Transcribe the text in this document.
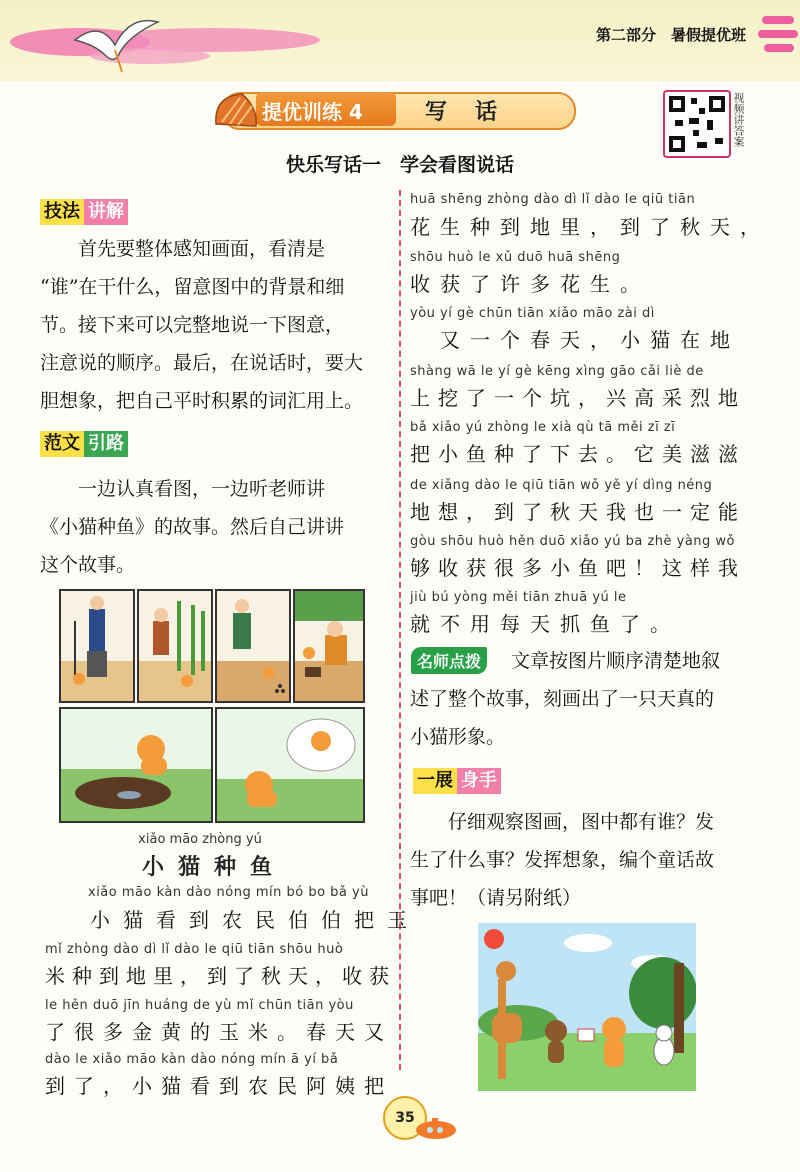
第二部分　暑假提优班
提优训练 4	写话	视频讲答案
快乐写话一　学会看图说话
技法 讲解
　　首先要整体感知画面，看清是
“谁”在干什么，留意图中的背景和细
节。接下来可以完整地说一下图意，
注意说的顺序。最后，在说话时，要大
胆想象，把自己平时积累的词汇用上。
范文 引路
　　一边认真看图，一边听老师讲
《小猫种鱼》的故事。然后自己讲讲
这个故事。
xiǎo māo zhòng yú
小猫种鱼
xiǎo māo kàn dào nóng mín bó bo bǎ yù
小猫看到农民伯伯把玉
mǐ zhòng dào dì lǐ dào le qiū tiān shōu huò
米种到地里，到了秋天，收获
le hěn duō jīn huáng de yù mǐ chūn tiān yòu
了很多金黄的玉米。春天又
dào le xiǎo māo kàn dào nóng mín ā yí bǎ
到了，小猫看到农民阿姨把
huā shēng zhòng dào dì lǐ dào le qiū tiān
花生种到地里，到了秋天，
shōu huò le xǔ duō huā shēng
收获了许多花生。
yòu yí gè chūn tiān xiǎo māo zài dì
　又一个春天，小猫在地
shàng wā le yí gè kēng xìng gāo cǎi liè de
上挖了一个坑，兴高采烈地
bǎ xiǎo yú zhòng le xià qù tā měi zī zī
把小鱼种了下去。它美滋滋
de xiǎng dào le qiū tiān wǒ yě yí dìng néng
地想，到了秋天我也一定能
gòu shōu huò hěn duō xiǎo yú ba zhè yàng wǒ
够收获很多小鱼吧！这样我
jiù bú yòng měi tiān zhuā yú le
就不用每天抓鱼了。
名师点拨 　文章按图片顺序清楚地叙
述了整个故事，刻画出了一只天真的
小猫形象。
一展 身手
　　仔细观察图画，图中都有谁？发
生了什么事？发挥想象，编个童话故
事吧！（请另附纸）
35
